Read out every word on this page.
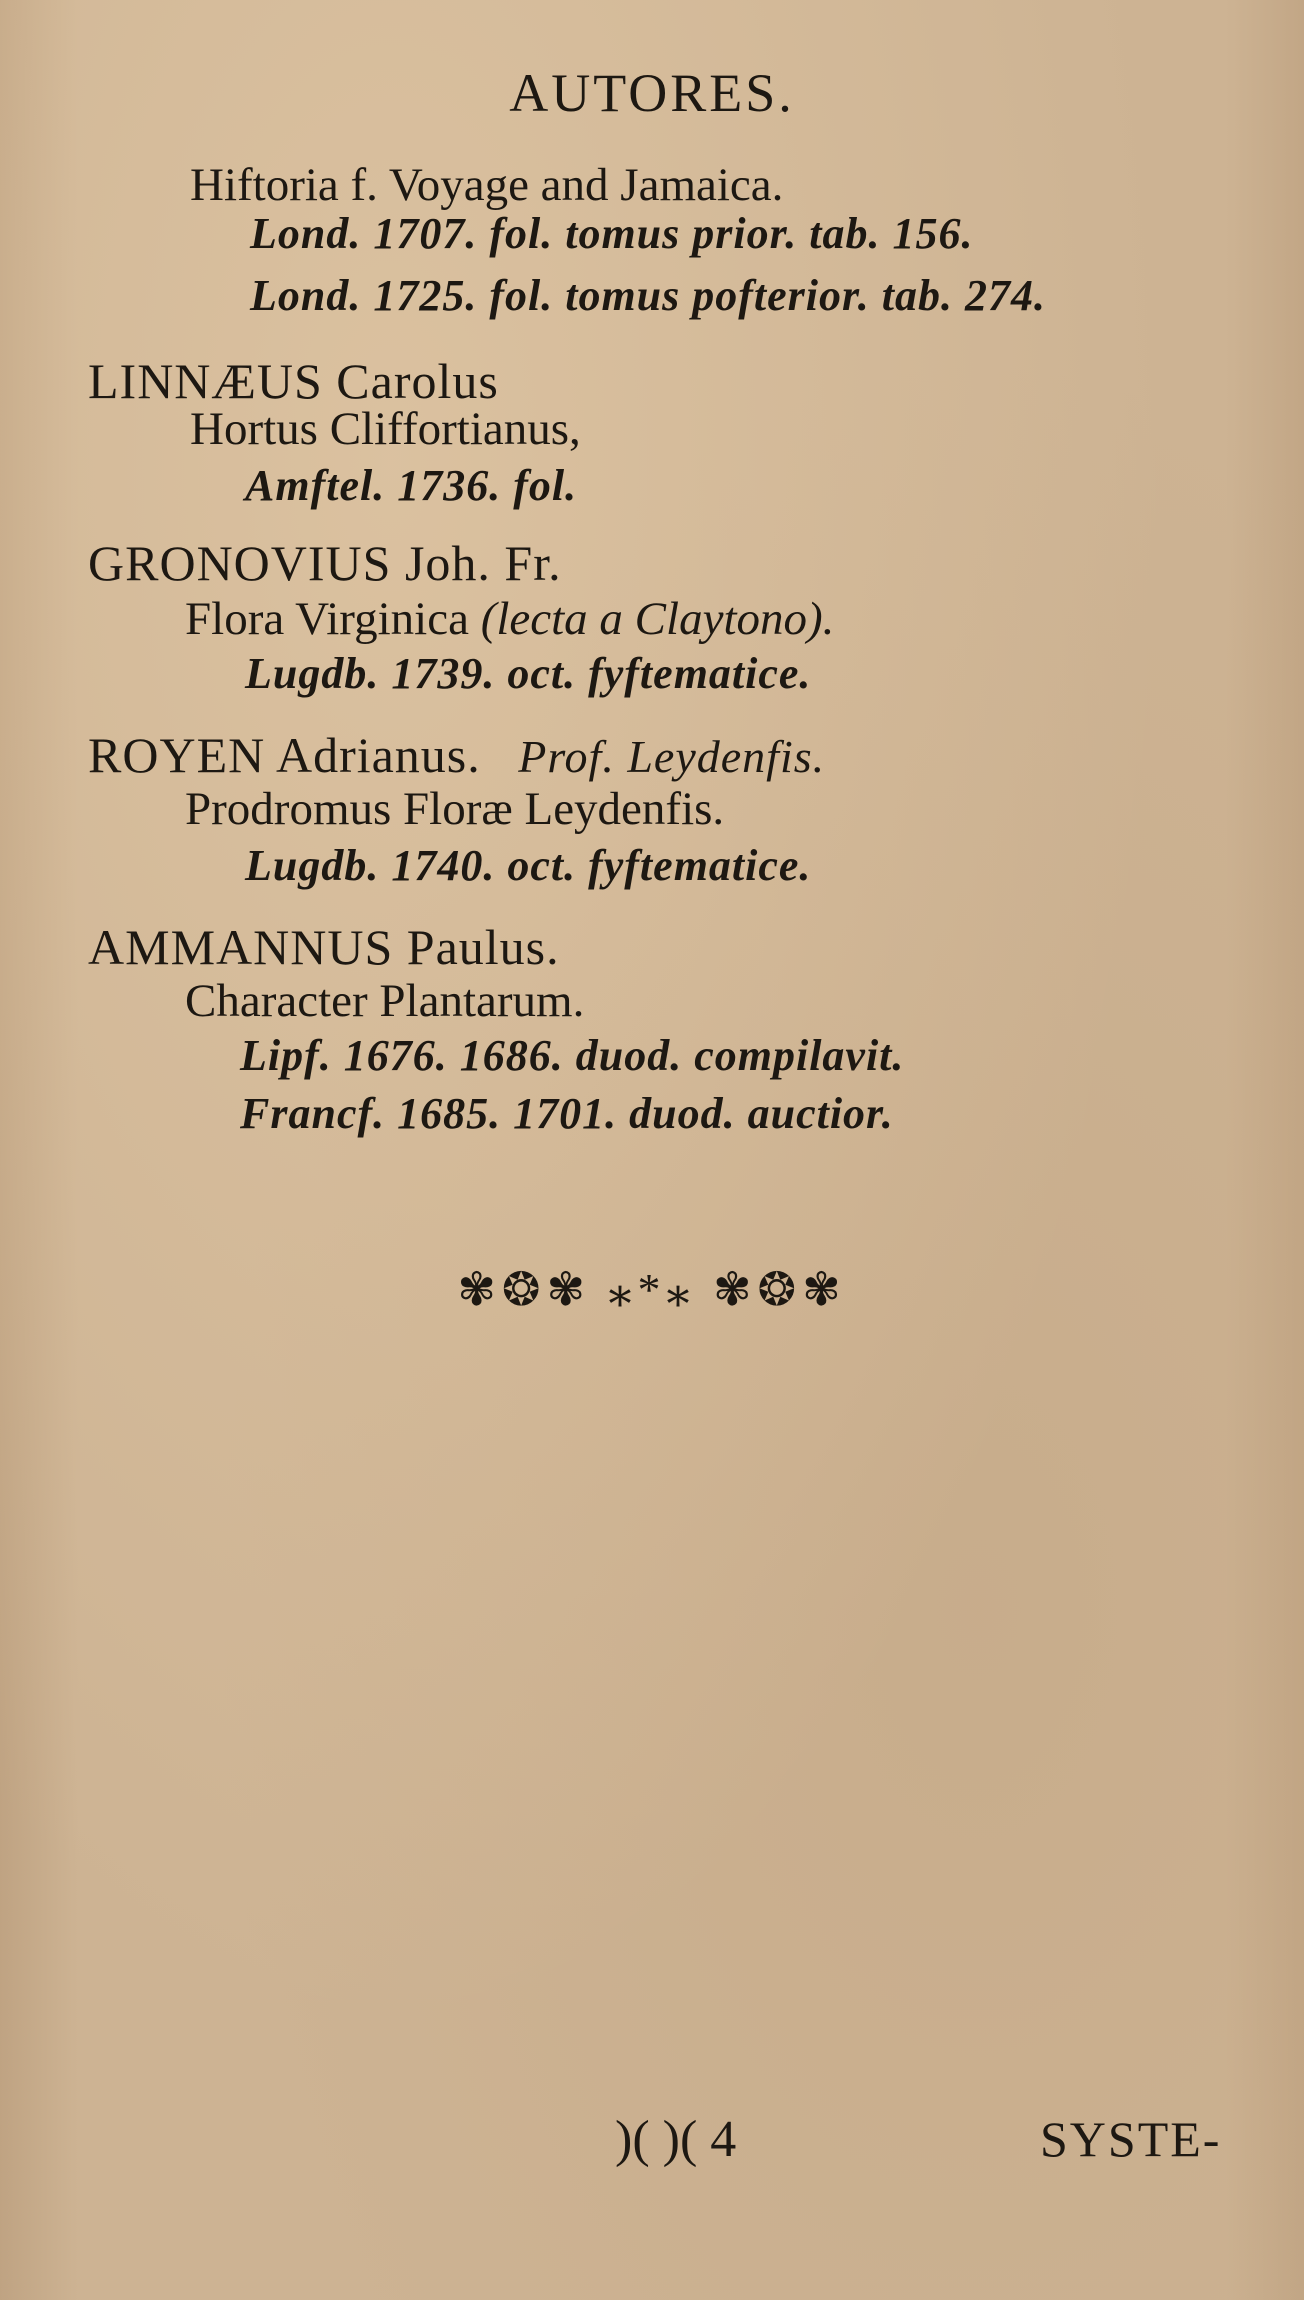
AUTORES.
Hiftoria f. Voyage and Jamaica.
Lond. 1707. fol. tomus prior. tab. 156.
Lond. 1725. fol. tomus pofterior. tab. 274.
LINNÆUS Carolus
Hortus Cliffortianus,
Amftel. 1736. fol.
GRONOVIUS Joh. Fr.
Flora Virginica (lecta a Claytono).
Lugdb. 1739. oct. fyftematice.
ROYEN Adrianus. Prof. Leydenfis.
Prodromus Floræ Leydenfis.
Lugdb. 1740. oct. fyftematice.
AMMANNUS Paulus.
Character Plantarum.
Lipf. 1676. 1686. duod. compilavit.
Francf. 1685. 1701. duod. auctior.
✾❂✾ ⁎*⁎ ✾❂✾
)( )( 4	SYSTE-
